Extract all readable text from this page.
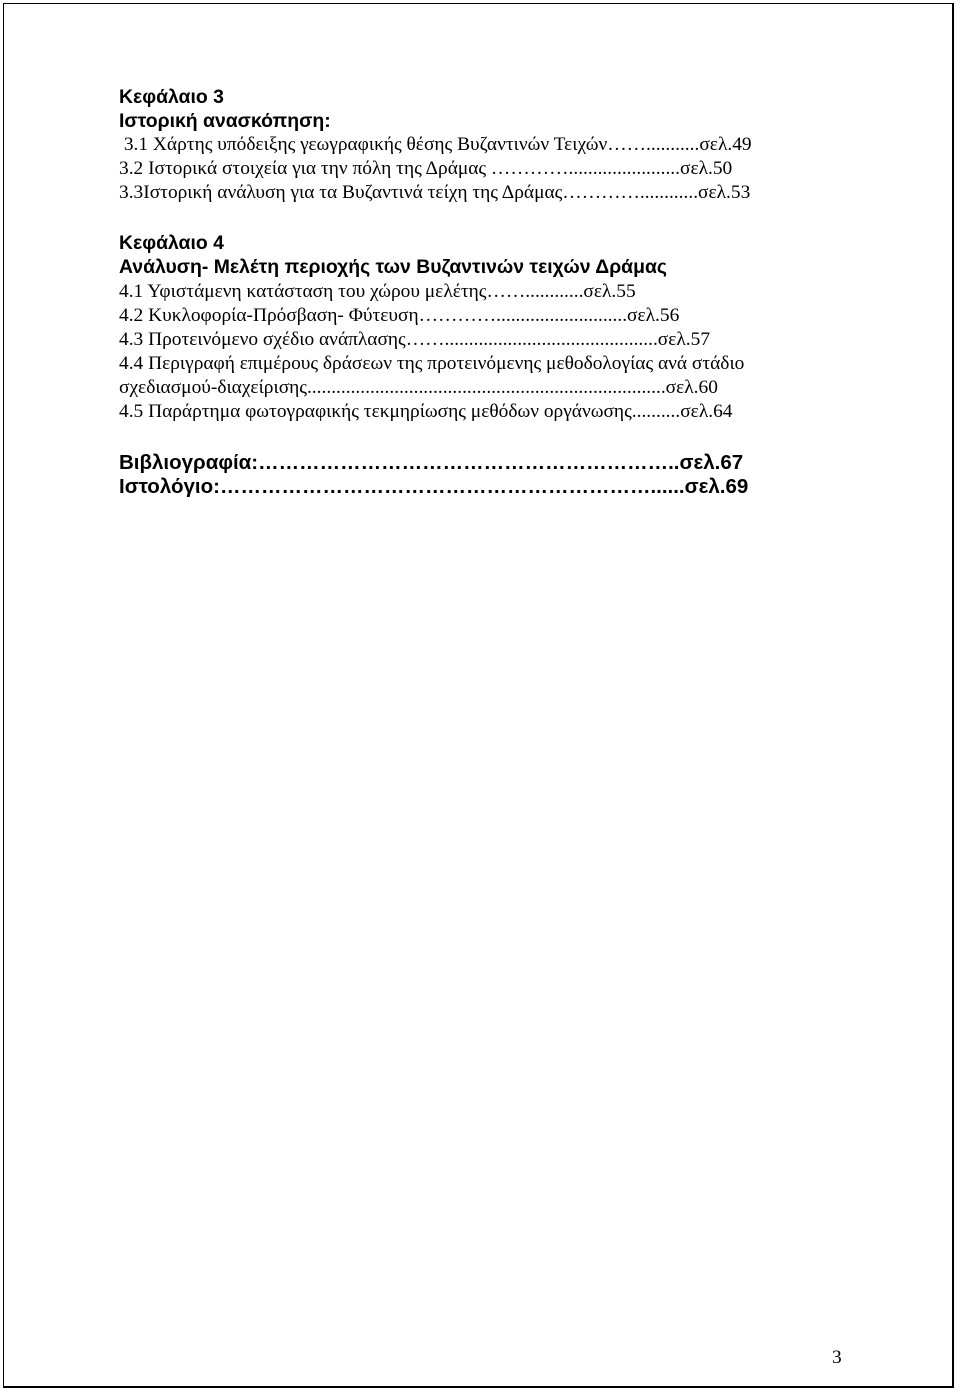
Κεφάλαιο 3
Ιστορική ανασκόπηση:
3.1 Χάρτης υπόδειξης γεωγραφικής θέσης Βυζαντινών Τειχών……...........σελ.49
3.2 Ιστορικά στοιχεία για την πόλη της Δράμας ………….......................σελ.50
3.3Ιστορική ανάλυση για τα Βυζαντινά τείχη της Δράμας…………............σελ.53
Κεφάλαιο 4
Ανάλυση- Μελέτη περιοχής των Βυζαντινών τειχών Δράμας
4.1 Υφιστάμενη κατάσταση του χώρου μελέτης……............σελ.55
4.2 Κυκλοφορία-Πρόσβαση- Φύτευση…………...........................σελ.56
4.3 Προτεινόμενο σχέδιο ανάπλασης……............................................σελ.57
4.4 Περιγραφή επιμέρους δράσεων της προτεινόμενης μεθοδολογίας ανά στάδιο
σχεδιασμού-διαχείρισης..........................................................................σελ.60
4.5 Παράρτημα φωτογραφικής τεκμηρίωσης μεθόδων οργάνωσης..........σελ.64
Βιβλιογραφία:……………………………………………………..σελ.67
Ιστολόγιο:………………………………………………………......σελ.69
3
